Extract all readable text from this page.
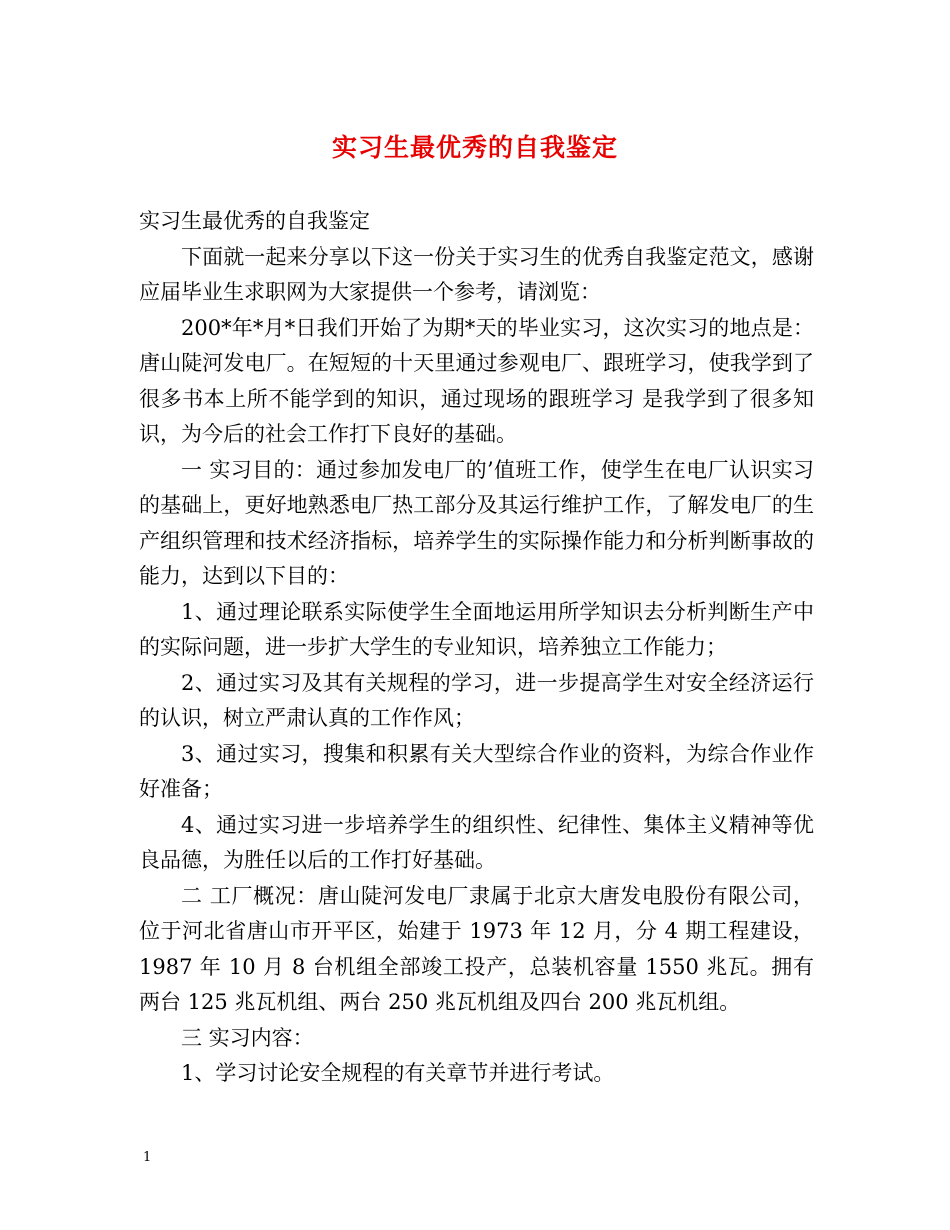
实习生最优秀的自我鉴定

实习生最优秀的自我鉴定

下面就一起来分享以下这一份关于实习生的优秀自我鉴定范文，感谢应届毕业生求职网为大家提供一个参考，请浏览：

200*年*月*日我们开始了为期*天的毕业实习，这次实习的地点是：唐山陡河发电厂。在短短的十天里通过参观电厂、跟班学习，使我学到了很多书本上所不能学到的知识，通过现场的跟班学习 是我学到了很多知识，为今后的社会工作打下良好的基础。

一 实习目的：通过参加发电厂的’值班工作，使学生在电厂认识实习的基础上，更好地熟悉电厂热工部分及其运行维护工作，了解发电厂的生产组织管理和技术经济指标，培养学生的实际操作能力和分析判断事故的能力，达到以下目的：

1、通过理论联系实际使学生全面地运用所学知识去分析判断生产中的实际问题，进一步扩大学生的专业知识，培养独立工作能力；

2、通过实习及其有关规程的学习，进一步提高学生对安全经济运行的认识，树立严肃认真的工作作风；

3、通过实习，搜集和积累有关大型综合作业的资料，为综合作业作好准备；

4、通过实习进一步培养学生的组织性、纪律性、集体主义精神等优良品德，为胜任以后的工作打好基础。

二 工厂概况：唐山陡河发电厂隶属于北京大唐发电股份有限公司，位于河北省唐山市开平区，始建于 1973 年 12 月，分 4 期工程建设，1987 年 10 月 8 台机组全部竣工投产，总装机容量 1550 兆瓦。拥有两台 125 兆瓦机组、两台 250 兆瓦机组及四台 200 兆瓦机组。

三 实习内容：

1、学习讨论安全规程的有关章节并进行考试。

1
